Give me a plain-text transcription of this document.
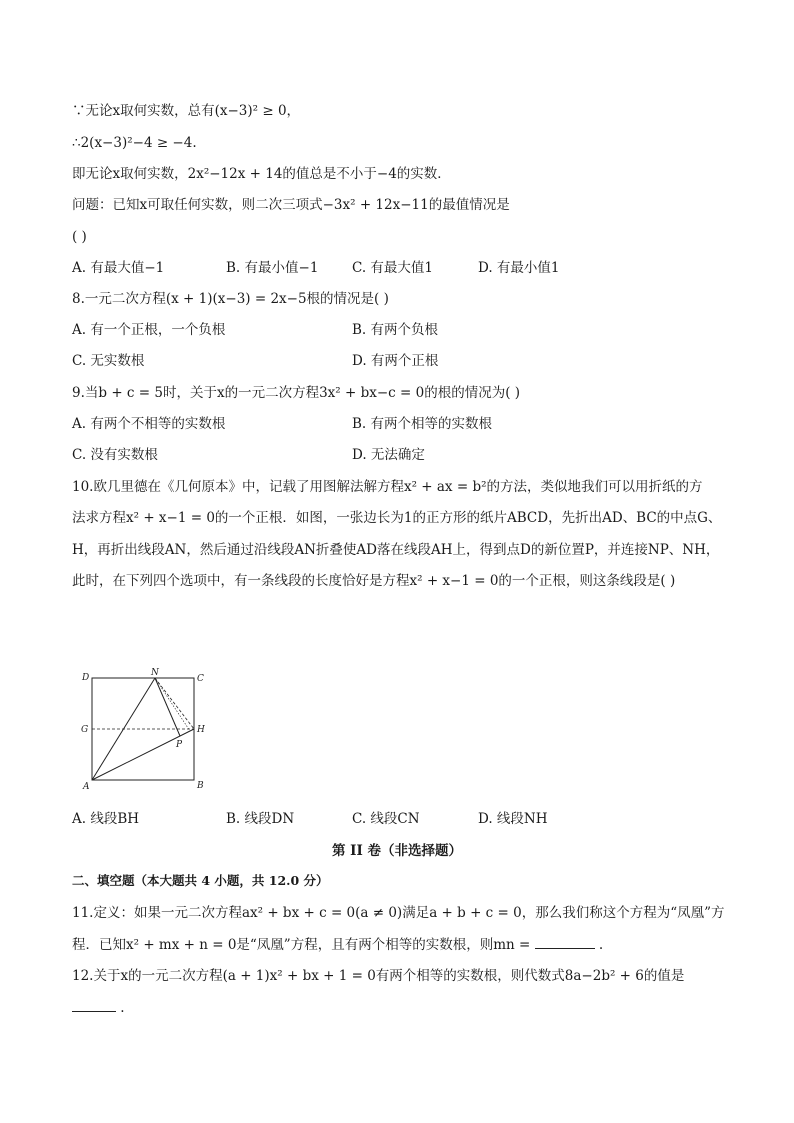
∵无论x取何实数，总有(x−3)² ≥ 0，
∴2(x−3)²−4 ≥ −4.
即无论x取何实数，2x²−12x + 14的值总是不小于−4的实数．
问题：已知x可取任何实数，则二次三项式−3x² + 12x−11的最值情况是
( )
A. 有最大值−1	B. 有最小值−1 C. 有最大值1	D. 有最小值1
8.一元二次方程(x + 1)(x−3) = 2x−5根的情况是( )
A. 有一个正根，一个负根	B. 有两个负根
C. 无实数根	D. 有两个正根
9.当b + c = 5时，关于x的一元二次方程3x² + bx−c = 0的根的情况为( )
A. 有两个不相等的实数根	B. 有两个相等的实数根
C. 没有实数根	D. 无法确定
10.欧几里德在《几何原本》中，记载了用图解法解方程x² + ax = b²的方法，类似地我们可以用折纸的方
法求方程x² + x−1 = 0的一个正根．如图，一张边长为1的正方形的纸片ABCD，先折出AD、BC的中点G、
H，再折出线段AN，然后通过沿线段AN折叠使AD落在线段AH上，得到点D的新位置P，并连接NP、NH，
此时，在下列四个选项中，有一条线段的长度恰好是方程x² + x−1 = 0的一个正根，则这条线段是( )
D	N
C
G	H
P
A	B
A. 线段BH	B. 线段DN	C. 线段CN	D. 线段NH
第 II 卷（非选择题）
二、填空题（本大题共 4 小题，共 12.0 分）
11.定义：如果一元二次方程ax² + bx + c = 0(a ≠ 0)满足a + b + c = 0，那么我们称这个方程为“凤凰”方
程．已知x² + mx + n = 0是“凤凰”方程，且有两个相等的实数根，则mn =	.
12.关于x的一元二次方程(a + 1)x² + bx + 1 = 0有两个相等的实数根，则代数式8a−2b² + 6的值是
.
